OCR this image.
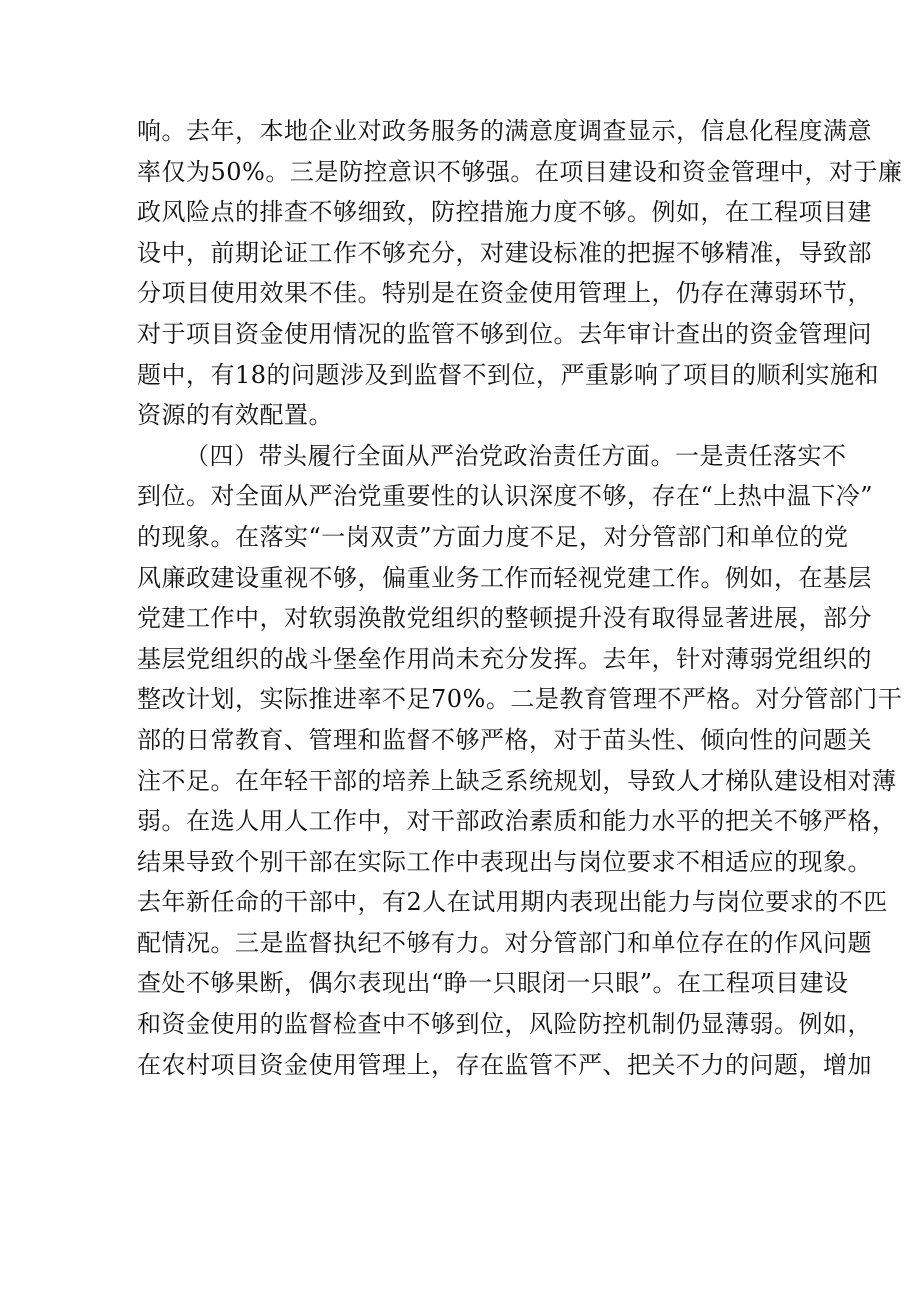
响。去年，本地企业对政务服务的满意度调查显示，信息化程度满意
率仅为50%。三是防控意识不够强。在项目建设和资金管理中，对于廉
政风险点的排查不够细致，防控措施力度不够。例如，在工程项目建
设中，前期论证工作不够充分，对建设标准的把握不够精准，导致部
分项目使用效果不佳。特别是在资金使用管理上，仍存在薄弱环节，
对于项目资金使用情况的监管不够到位。去年审计查出的资金管理问
题中，有18的问题涉及到监督不到位，严重影响了项目的顺利实施和
资源的有效配置。
（四）带头履行全面从严治党政治责任方面。一是责任落实不
到位。对全面从严治党重要性的认识深度不够，存在“上热中温下冷”
的现象。在落实“一岗双责”方面力度不足，对分管部门和单位的党
风廉政建设重视不够，偏重业务工作而轻视党建工作。例如，在基层
党建工作中，对软弱涣散党组织的整顿提升没有取得显著进展，部分
基层党组织的战斗堡垒作用尚未充分发挥。去年，针对薄弱党组织的
整改计划，实际推进率不足70%。二是教育管理不严格。对分管部门干
部的日常教育、管理和监督不够严格，对于苗头性、倾向性的问题关
注不足。在年轻干部的培养上缺乏系统规划，导致人才梯队建设相对薄
弱。在选人用人工作中，对干部政治素质和能力水平的把关不够严格，
结果导致个别干部在实际工作中表现出与岗位要求不相适应的现象。
去年新任命的干部中，有2人在试用期内表现出能力与岗位要求的不匹
配情况。三是监督执纪不够有力。对分管部门和单位存在的作风问题
查处不够果断，偶尔表现出“睁一只眼闭一只眼”。在工程项目建设
和资金使用的监督检查中不够到位，风险防控机制仍显薄弱。例如，
在农村项目资金使用管理上，存在监管不严、把关不力的问题，增加
